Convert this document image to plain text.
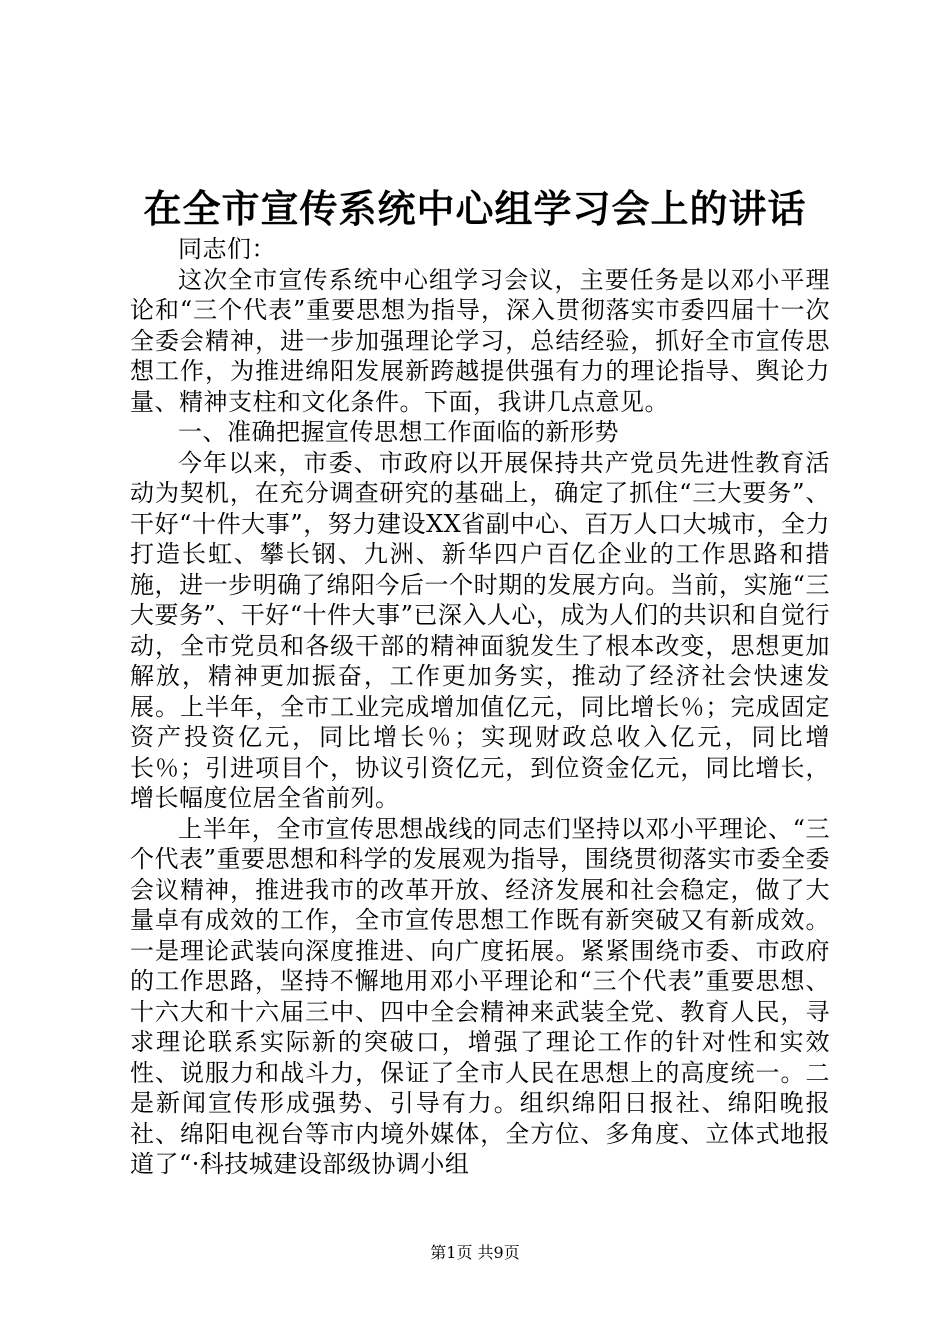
在全市宣传系统中心组学习会上的讲话

同志们：

这次全市宣传系统中心组学习会议，主要任务是以邓小平理论和“三个代表”重要思想为指导，深入贯彻落实市委四届十一次全委会精神，进一步加强理论学习，总结经验，抓好全市宣传思想工作，为推进绵阳发展新跨越提供强有力的理论指导、舆论力量、精神支柱和文化条件。下面，我讲几点意见。

一、准确把握宣传思想工作面临的新形势

今年以来，市委、市政府以开展保持共产党员先进性教育活动为契机，在充分调查研究的基础上，确定了抓住“三大要务”、干好“十件大事”，努力建设XX省副中心、百万人口大城市，全力打造长虹、攀长钢、九洲、新华四户百亿企业的工作思路和措施，进一步明确了绵阳今后一个时期的发展方向。当前，实施“三大要务”、干好“十件大事”已深入人心，成为人们的共识和自觉行动，全市党员和各级干部的精神面貌发生了根本改变，思想更加解放，精神更加振奋，工作更加务实，推动了经济社会快速发展。上半年，全市工业完成增加值亿元，同比增长％；完成固定资产投资亿元，同比增长％；实现财政总收入亿元，同比增长％；引进项目个，协议引资亿元，到位资金亿元，同比增长，增长幅度位居全省前列。

上半年，全市宣传思想战线的同志们坚持以邓小平理论、“三个代表”重要思想和科学的发展观为指导，围绕贯彻落实市委全委会议精神，推进我市的改革开放、经济发展和社会稳定，做了大量卓有成效的工作，全市宣传思想工作既有新突破又有新成效。一是理论武装向深度推进、向广度拓展。紧紧围绕市委、市政府的工作思路，坚持不懈地用邓小平理论和“三个代表”重要思想、十六大和十六届三中、四中全会精神来武装全党、教育人民，寻求理论联系实际新的突破口，增强了理论工作的针对性和实效性、说服力和战斗力，保证了全市人民在思想上的高度统一。二是新闻宣传形成强势、引导有力。组织绵阳日报社、绵阳晚报社、绵阳电视台等市内境外媒体，全方位、多角度、立体式地报道了“·科技城建设部级协调小组

第1页 共9页
